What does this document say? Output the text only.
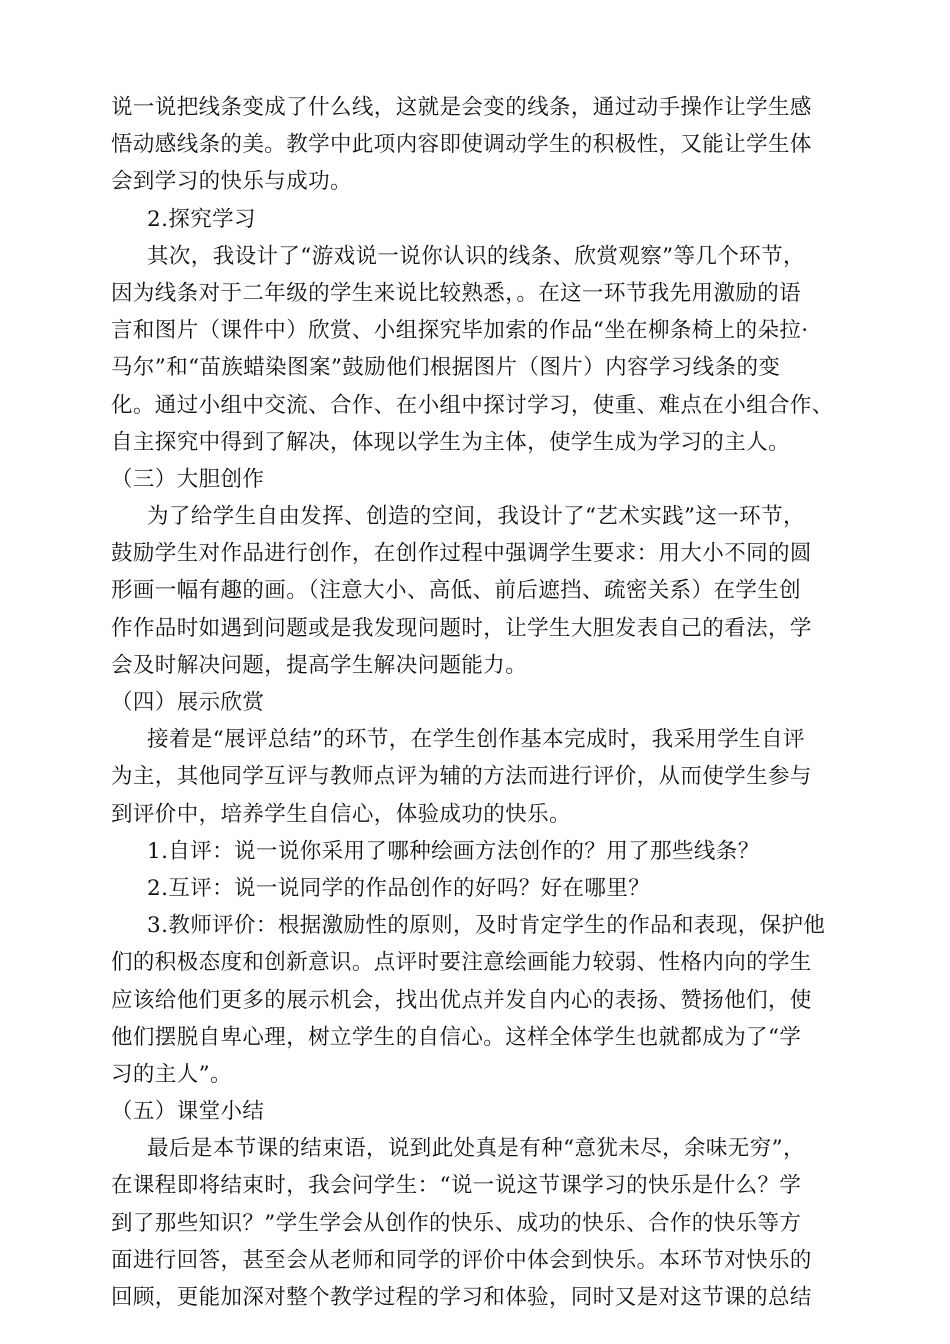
说一说把线条变成了什么线，这就是会变的线条，通过动手操作让学生感
悟动感线条的美。教学中此项内容即使调动学生的积极性，又能让学生体
会到学习的快乐与成功。
2.探究学习
其次，我设计了“游戏说一说你认识的线条、欣赏观察”等几个环节，
因为线条对于二年级的学生来说比较熟悉，。在这一环节我先用激励的语
言和图片（课件中）欣赏、小组探究毕加索的作品“坐在柳条椅上的朵拉·
马尔”和“苗族蜡染图案”鼓励他们根据图片（图片）内容学习线条的变
化。通过小组中交流、合作、在小组中探讨学习，使重、难点在小组合作、
自主探究中得到了解决，体现以学生为主体，使学生成为学习的主人。
（三）大胆创作
为了给学生自由发挥、创造的空间，我设计了“艺术实践”这一环节，
鼓励学生对作品进行创作，在创作过程中强调学生要求：用大小不同的圆
形画一幅有趣的画。（注意大小、高低、前后遮挡、疏密关系）在学生创
作作品时如遇到问题或是我发现问题时，让学生大胆发表自己的看法，学
会及时解决问题，提高学生解决问题能力。
（四）展示欣赏
接着是“展评总结”的环节，在学生创作基本完成时，我采用学生自评
为主，其他同学互评与教师点评为辅的方法而进行评价，从而使学生参与
到评价中，培养学生自信心，体验成功的快乐。
1.自评：说一说你采用了哪种绘画方法创作的？用了那些线条？
2.互评：说一说同学的作品创作的好吗？好在哪里？
3.教师评价：根据激励性的原则，及时肯定学生的作品和表现，保护他
们的积极态度和创新意识。点评时要注意绘画能力较弱、性格内向的学生
应该给他们更多的展示机会，找出优点并发自内心的表扬、赞扬他们，使
他们摆脱自卑心理，树立学生的自信心。这样全体学生也就都成为了“学
习的主人”。
（五）课堂小结
最后是本节课的结束语，说到此处真是有种“意犹未尽，余味无穷”，
在课程即将结束时，我会问学生：“说一说这节课学习的快乐是什么？学
到了那些知识？”学生学会从创作的快乐、成功的快乐、合作的快乐等方
面进行回答，甚至会从老师和同学的评价中体会到快乐。本环节对快乐的
回顾，更能加深对整个教学过程的学习和体验，同时又是对这节课的总结
